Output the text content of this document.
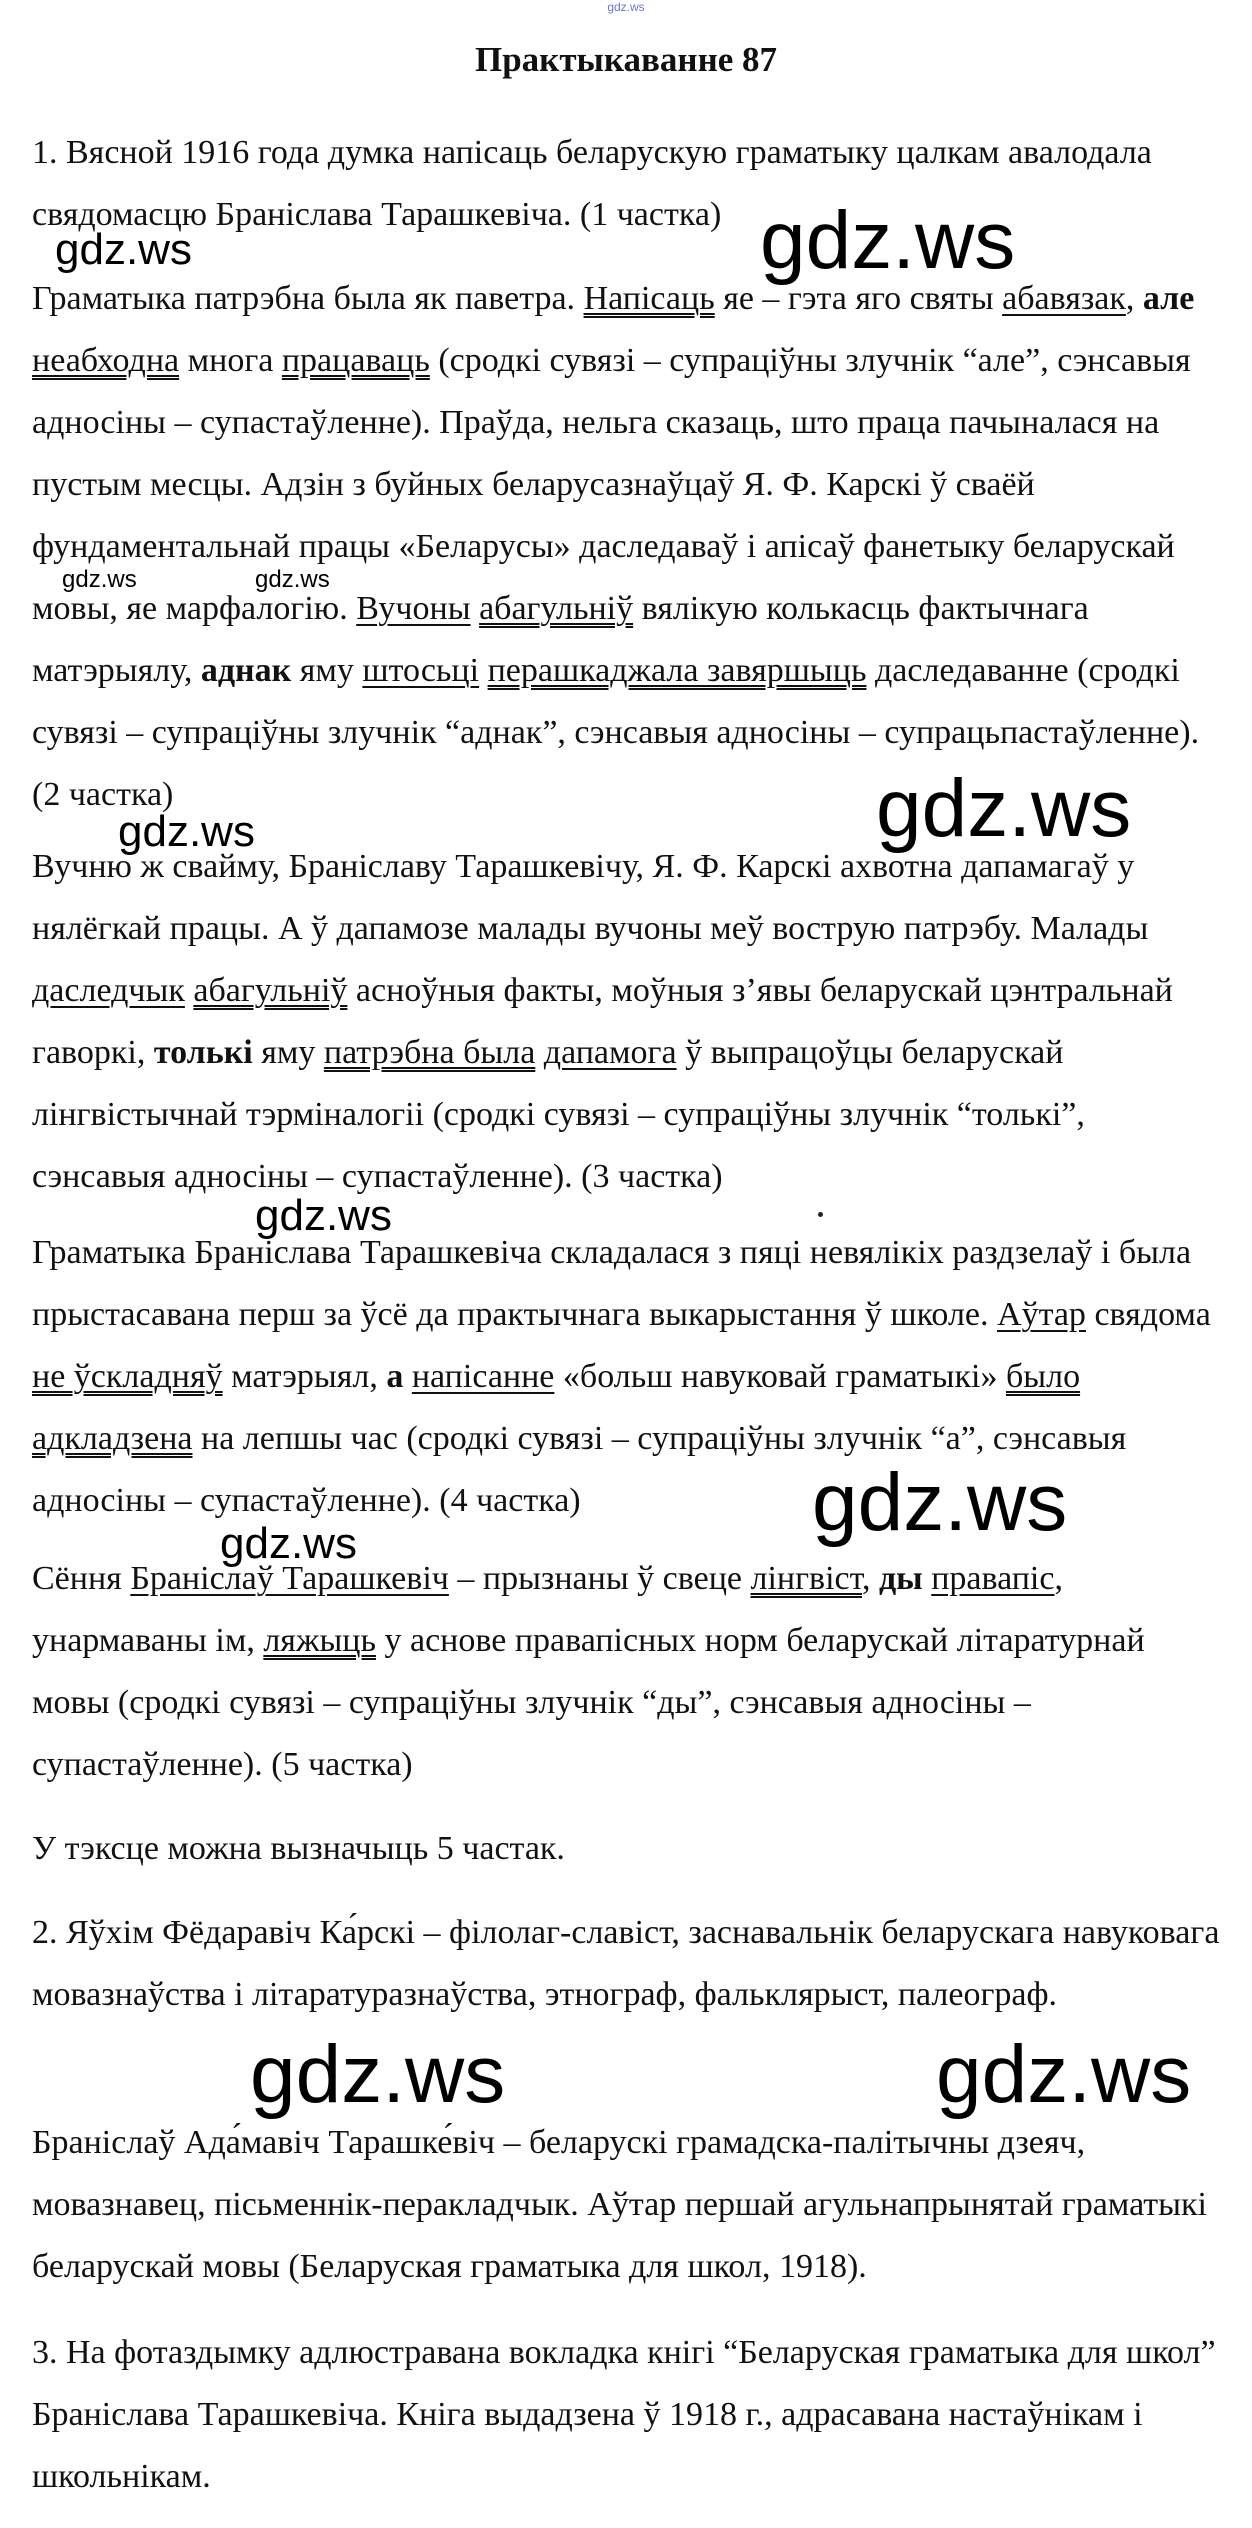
gdz.ws
Практыкаванне 87

1. Вясной 1916 года думка напісаць беларускую граматыку цалкам авалодала свядомасцю Браніслава Тарашкевіча. (1 частка)

Граматыка патрэбна была як паветра. Напісаць яе – гэта яго святы абавязак, але неабходна многа працаваць (сродкі сувязі – супраціўны злучнік “але”, сэнсавыя адносіны – супастаўленне). Праўда, нельга сказаць, што праца пачыналася на пустым месцы. Адзін з буйных беларусазнаўцаў Я. Ф. Карскі ў сваёй фундаментальнай працы «Беларусы» даследаваў і апісаў фанетыку беларускай мовы, яе марфалогію. Вучоны абагульніў вялікую колькасць фактычнага матэрыялу, аднак яму штосьці перашкаджала завяршыць даследаванне (сродкі сувязі – супраціўны злучнік “аднак”, сэнсавыя адносіны – супрацьпастаўленне). (2 частка)

Вучню ж свайму, Браніславу Тарашкевічу, Я. Ф. Карскі ахвотна дапамагаў у нялёгкай працы. А ў дапамозе малады вучоны меў вострую патрэбу. Малады даследчык абагульніў асноўныя факты, моўныя з’явы беларускай цэнтральнай гаворкі, толькі яму патрэбна была дапамога ў выпрацоўцы беларускай лінгвістычнай тэрміналогіі (сродкі сувязі – супраціўны злучнік “толькі”, сэнсавыя адносіны – супастаўленне). (3 частка)

Граматыка Браніслава Тарашкевіча складалася з пяці невялікіх раздзелаў і была прыстасавана перш за ўсё да практычнага выкарыстання ў школе. Аўтар свядома не ўскладняў матэрыял, а напісанне «больш навуковай граматыкі» было адкладзена на лепшы час (сродкі сувязі – супраціўны злучнік “а”, сэнсавыя адносіны – супастаўленне). (4 частка)

Сёння Браніслаў Тарашкевіч – прызнаны ў свеце лінгвіст, ды правапіс, унармаваны ім, ляжыць у аснове правапісных норм беларускай літаратурнай мовы (сродкі сувязі – супраціўны злучнік “ды”, сэнсавыя адносіны – супастаўленне). (5 частка)

У тэксце можна вызначыць 5 частак.

2. Яўхім Фёдаравіч Ка́рскі – філолаг-славіст, заснавальнік беларускага навуковага мовазнаўства і літаратуразнаўства, этнограф, фальклярыст, палеограф.

Браніслаў Ада́мавіч Тарашке́віч – беларускі грамадска-палітычны дзеяч, мовазнавец, пісьменнік-перакладчык. Аўтар першай агульнапрынятай граматыкі беларускай мовы (Беларуская граматыка для школ, 1918).

3. На фотаздымку адлюстравана вокладка кнігі “Беларуская граматыка для школ” Браніслава Тарашкевіча. Кніга выдадзена ў 1918 г., адрасавана настаўнікам і школьнікам.

gdz.ws	gdz.ws
gdz.ws	gdz.ws
gdz.ws	gdz.ws
gdz.ws
gdz.ws
gdz.ws
gdz.ws	gdz.ws
